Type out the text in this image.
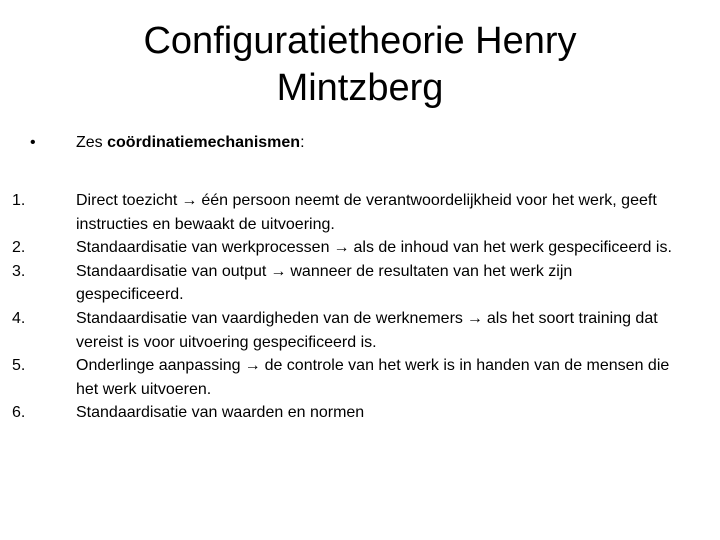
Configuratietheorie Henry Mintzberg
•	Zes coördinatiemechanismen:
1.	Direct toezicht → één persoon neemt de verantwoordelijkheid voor het werk, geeft instructies en bewaakt de uitvoering.
2.	Standaardisatie van werkprocessen → als de inhoud van het werk gespecificeerd is.
3.	Standaardisatie van output → wanneer de resultaten van het werk zijn gespecificeerd.
4.	Standaardisatie van vaardigheden van de werknemers → als het soort training dat vereist is voor uitvoering gespecificeerd is.
5.	Onderlinge aanpassing → de controle van het werk is in handen van de mensen die het werk uitvoeren.
6.	Standaardisatie van waarden en normen
